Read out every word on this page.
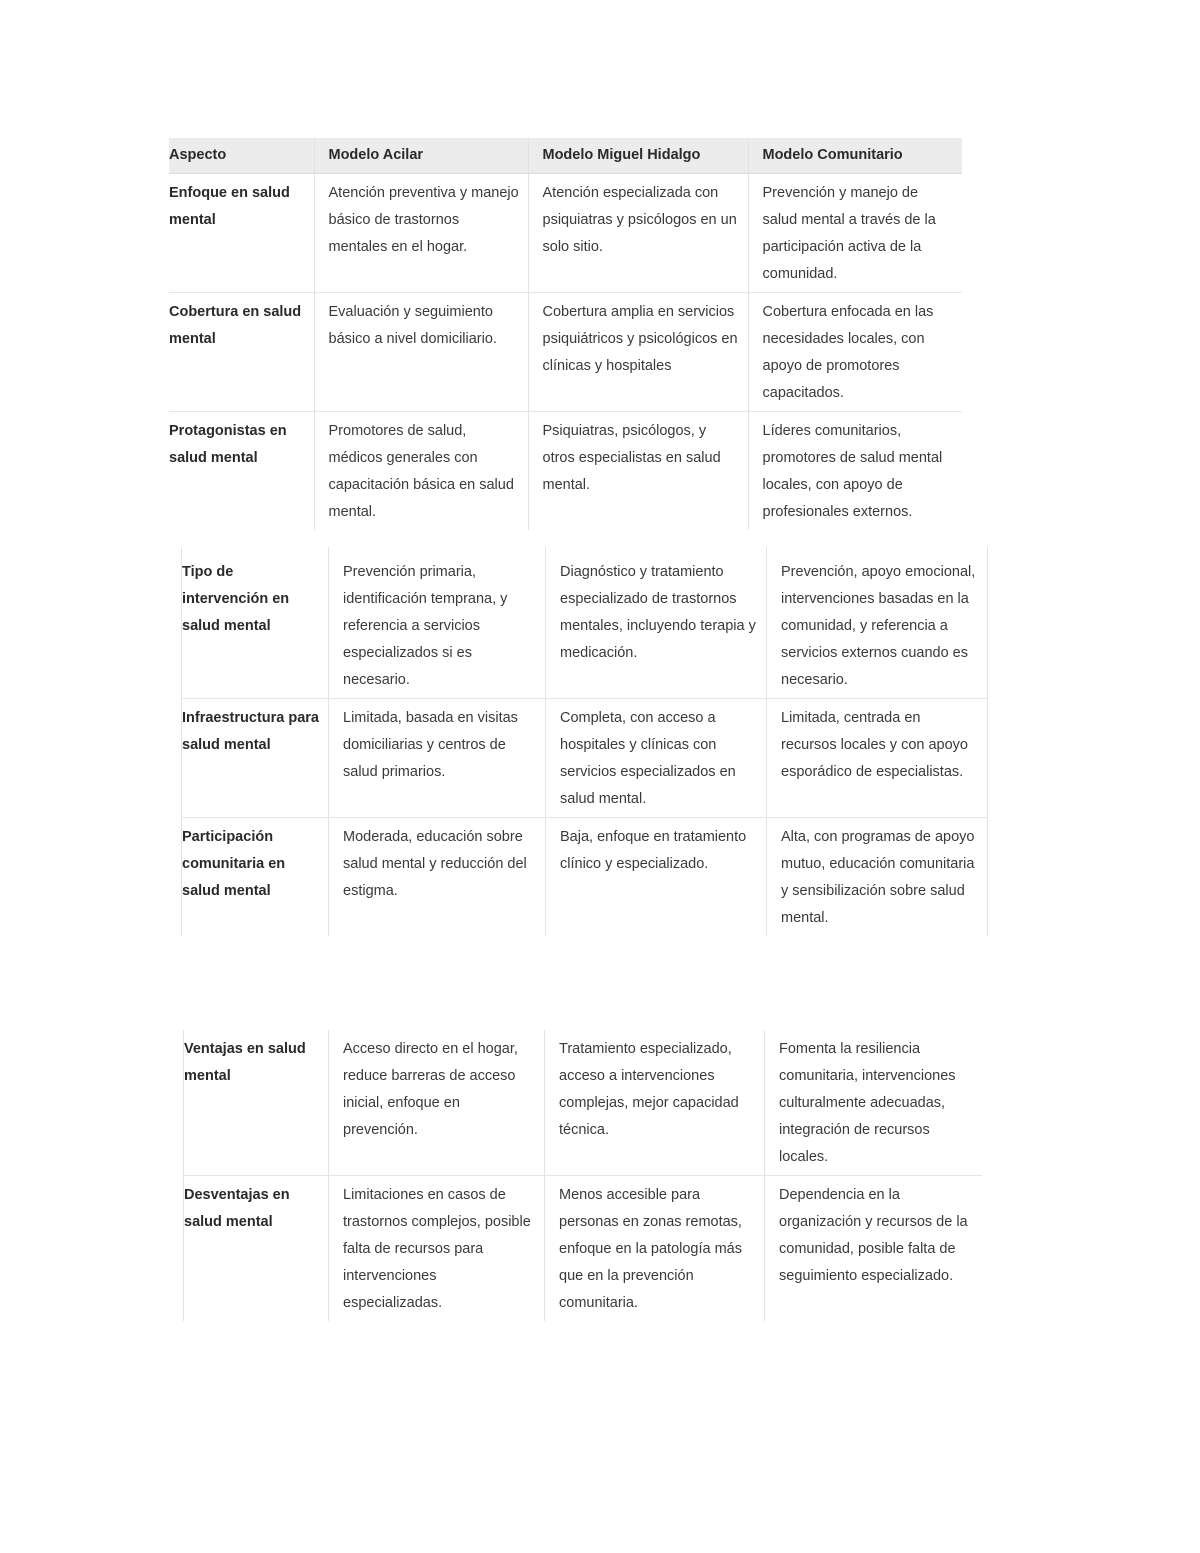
Aspecto	Modelo Acilar	Modelo Miguel Hidalgo	Modelo Comunitario
Enfoque en salud mental	Atención preventiva y manejo básico de trastornos mentales en el hogar.	Atención especializada con psiquiatras y psicólogos en un solo sitio.	Prevención y manejo de salud mental a través de la participación activa de la comunidad.
Cobertura en salud mental	Evaluación y seguimiento básico a nivel domiciliario.	Cobertura amplia en servicios psiquiátricos y psicológicos en clínicas y hospitales	Cobertura enfocada en las necesidades locales, con apoyo de promotores capacitados.
Protagonistas en salud mental	Promotores de salud, médicos generales con capacitación básica en salud mental.	Psiquiatras, psicólogos, y otros especialistas en salud mental.	Líderes comunitarios, promotores de salud mental locales, con apoyo de profesionales externos.
Tipo de intervención en salud mental	Prevención primaria, identificación temprana, y referencia a servicios especializados si es necesario.	Diagnóstico y tratamiento especializado de trastornos mentales, incluyendo terapia y medicación.	Prevención, apoyo emocional, intervenciones basadas en la comunidad, y referencia a servicios externos cuando es necesario.
Infraestructura para salud mental	Limitada, basada en visitas domiciliarias y centros de salud primarios.	Completa, con acceso a hospitales y clínicas con servicios especializados en salud mental.	Limitada, centrada en recursos locales y con apoyo esporádico de especialistas.
Participación comunitaria en salud mental	Moderada, educación sobre salud mental y reducción del estigma.	Baja, enfoque en tratamiento clínico y especializado.	Alta, con programas de apoyo mutuo, educación comunitaria y sensibilización sobre salud mental.
Ventajas en salud mental	Acceso directo en el hogar, reduce barreras de acceso inicial, enfoque en prevención.	Tratamiento especializado, acceso a intervenciones complejas, mejor capacidad técnica.	Fomenta la resiliencia comunitaria, intervenciones culturalmente adecuadas, integración de recursos locales.
Desventajas en salud mental	Limitaciones en casos de trastornos complejos, posible falta de recursos para intervenciones especializadas.	Menos accesible para personas en zonas remotas, enfoque en la patología más que en la prevención comunitaria.	Dependencia en la organización y recursos de la comunidad, posible falta de seguimiento especializado.
